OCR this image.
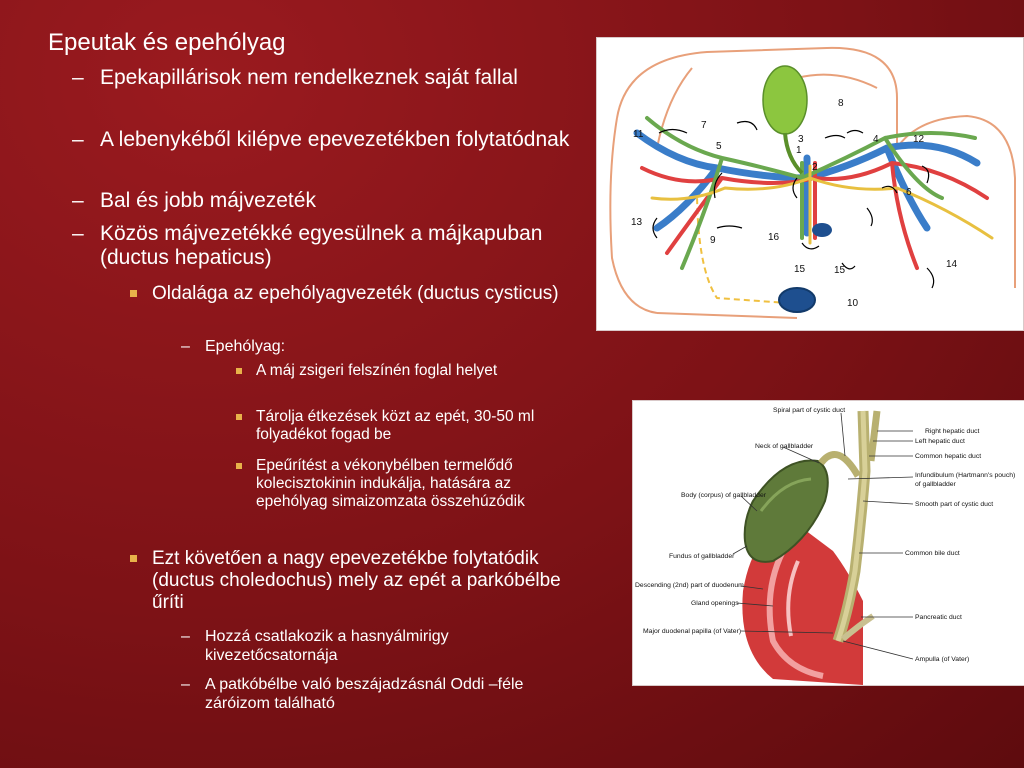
Epeutak és epehólyag
– Epekapillárisok nem rendelkeznek saját fallal
– A lebenykéből kilépve epevezetékben folytatódnak
– Bal és jobb májvezeték
– Közös májvezetékké egyesülnek a májkapuban (ductus hepaticus)
Oldalága az epehólyagvezeték (ductus cysticus)
– Epehólyag:
A máj zsigeri felszínén foglal helyet
Tárolja étkezések közt az epét, 30-50 ml folyadékot fogad be
Epeűrítést a vékonybélben termelődő kolecisztokinin indukálja, hatására az epehólyag simaizomzata összehúzódik
Ezt követően a nagy epevezetékbe folytatódik (ductus choledochus) mely az epét a parkóbélbe űríti
– Hozzá csatlakozik a hasnyálmirigy kivezetőcsatornája
– A patkóbélbe való beszájadzásnál Oddi –féle záróizom található
11
7
5
3
1
2
8
4	12
6
13
9	16
15	15
10
14
Spiral part of cystic duct
Neck of gallbladder
Body (corpus) of gallbladder
Fundus of gallbladder
Descending (2nd) part of duodenum
Gland openings
Major duodenal papilla (of Vater)
Right hepatic duct
Left hepatic duct
Common hepatic duct
Infundibulum (Hartmann's pouch)
of gallbladder
Smooth part of cystic duct
Common bile duct
Pancreatic duct
Ampulla (of Vater)
